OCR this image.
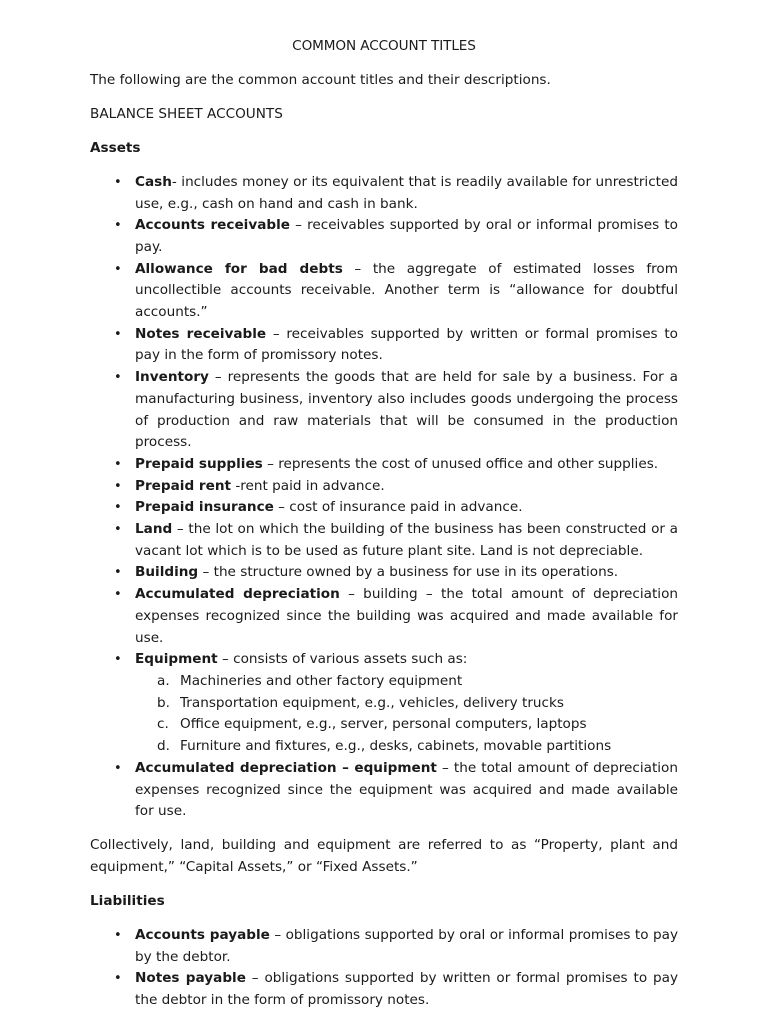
COMMON ACCOUNT TITLES
The following are the common account titles and their descriptions.
BALANCE SHEET ACCOUNTS
Assets
• Cash- includes money or its equivalent that is readily available for unrestricted use, e.g., cash on hand and cash in bank.
• Accounts receivable – receivables supported by oral or informal promises to pay.
• Allowance for bad debts – the aggregate of estimated losses from uncollectible accounts receivable. Another term is “allowance for doubtful accounts.”
• Notes receivable – receivables supported by written or formal promises to pay in the form of promissory notes.
• Inventory – represents the goods that are held for sale by a business. For a manufacturing business, inventory also includes goods undergoing the process of production and raw materials that will be consumed in the production process.
• Prepaid supplies – represents the cost of unused office and other supplies.
• Prepaid rent -rent paid in advance.
• Prepaid insurance – cost of insurance paid in advance.
• Land – the lot on which the building of the business has been constructed or a vacant lot which is to be used as future plant site. Land is not depreciable.
• Building – the structure owned by a business for use in its operations.
• Accumulated depreciation – building – the total amount of depreciation expenses recognized since the building was acquired and made available for use.
• Equipment – consists of various assets such as:
a. Machineries and other factory equipment
b. Transportation equipment, e.g., vehicles, delivery trucks
c. Office equipment, e.g., server, personal computers, laptops
d. Furniture and fixtures, e.g., desks, cabinets, movable partitions
• Accumulated depreciation – equipment – the total amount of depreciation expenses recognized since the equipment was acquired and made available for use.
Collectively, land, building and equipment are referred to as “Property, plant and equipment,” “Capital Assets,” or “Fixed Assets.”
Liabilities
• Accounts payable – obligations supported by oral or informal promises to pay by the debtor.
• Notes payable – obligations supported by written or formal promises to pay the debtor in the form of promissory notes.
